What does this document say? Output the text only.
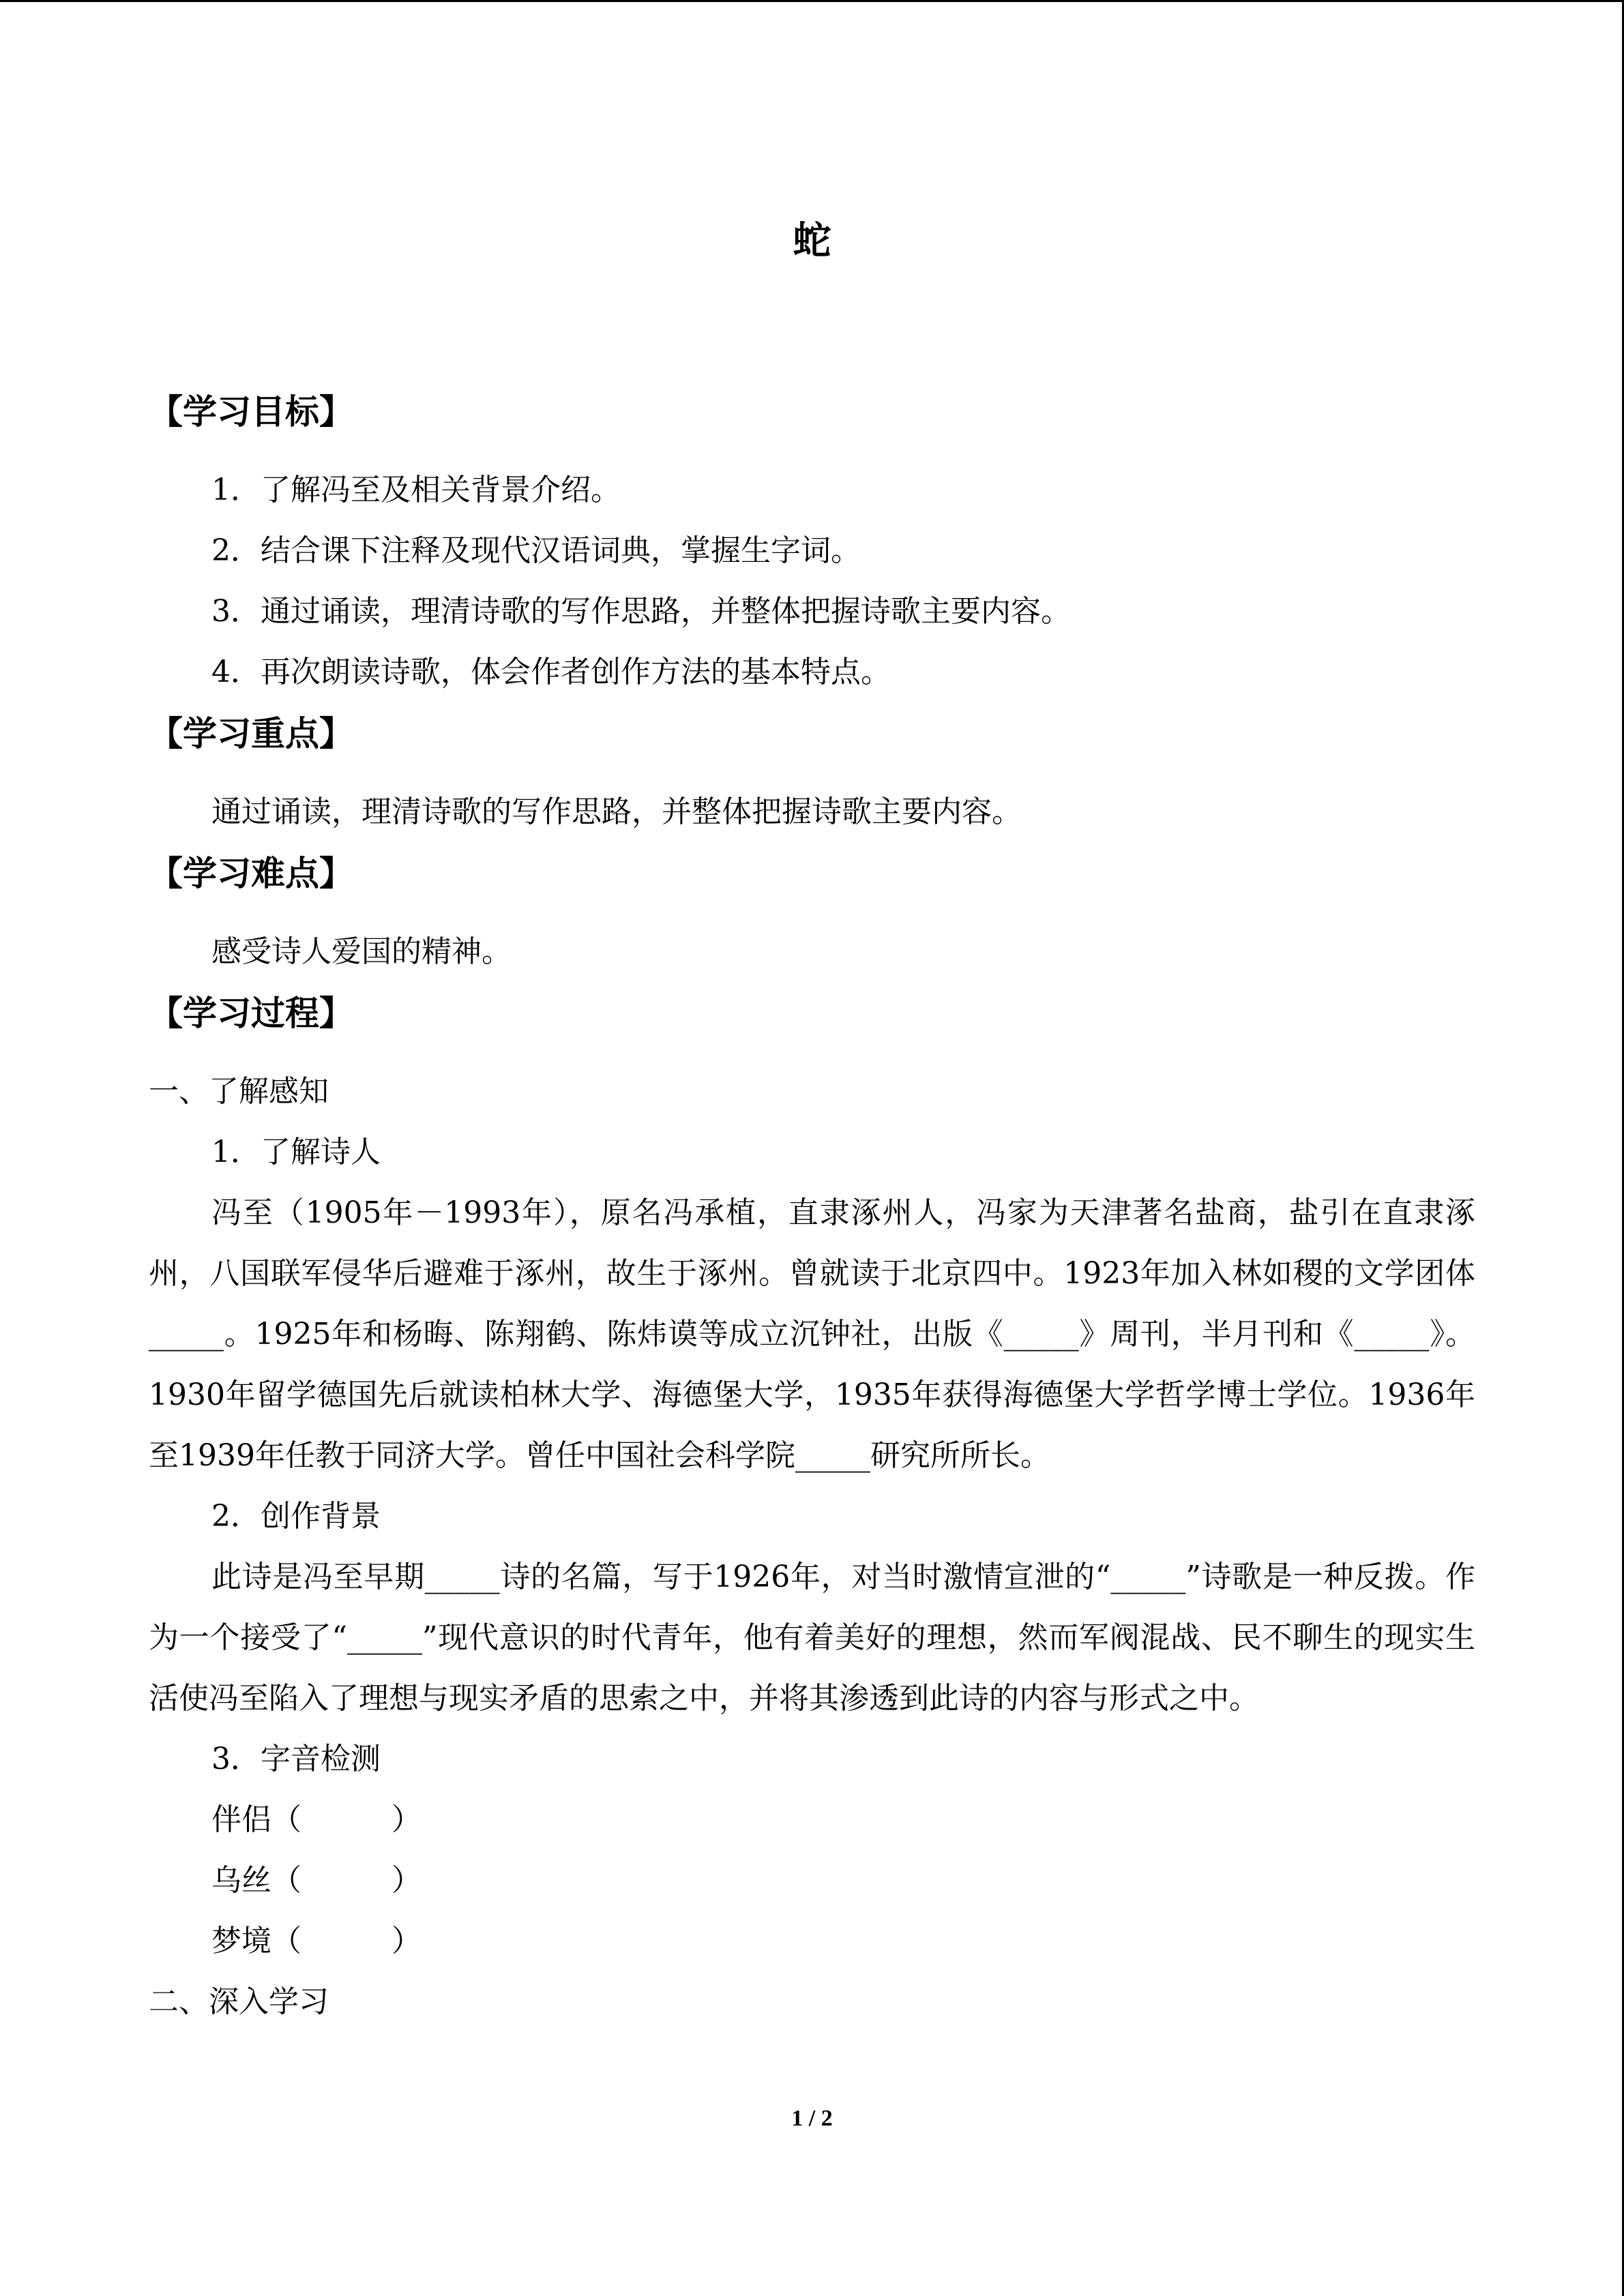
蛇
【学习目标】
1．了解冯至及相关背景介绍。
2．结合课下注释及现代汉语词典，掌握生字词。
3．通过诵读，理清诗歌的写作思路，并整体把握诗歌主要内容。
4．再次朗读诗歌，体会作者创作方法的基本特点。
【学习重点】
通过诵读，理清诗歌的写作思路，并整体把握诗歌主要内容。
【学习难点】
感受诗人爱国的精神。
【学习过程】
一、了解感知
1．了解诗人

冯至（1905年－1993年），原名冯承植，直隶涿州人，冯家为天津著名盐商，盐引在直隶涿州，八国联军侵华后避难于涿州，故生于涿州。曾就读于北京四中。1923年加入林如稷的文学团体_____。1925年和杨晦、陈翔鹤、陈炜谟等成立沉钟社，出版《_____》周刊，半月刊和《_____》。1930年留学德国先后就读柏林大学、海德堡大学，1935年获得海德堡大学哲学博士学位。1936年至1939年任教于同济大学。曾任中国社会科学院_____研究所所长。

2．创作背景

此诗是冯至早期_____诗的名篇，写于1926年，对当时激情宣泄的“_____”诗歌是一种反拨。作为一个接受了“_____”现代意识的时代青年，他有着美好的理想，然而军阀混战、民不聊生的现实生活使冯至陷入了理想与现实矛盾的思索之中，并将其渗透到此诗的内容与形式之中。

3．字音检测
伴侣（　　　）
乌丝（　　　）
梦境（　　　）
二、深入学习
1 / 2
